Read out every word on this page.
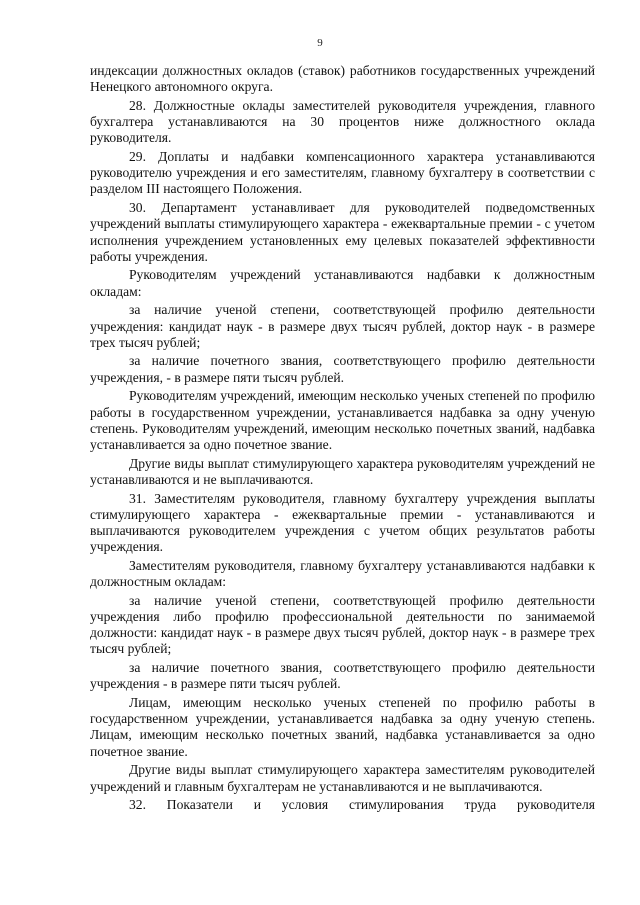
9

индексации должностных окладов (ставок) работников государственных учреждений Ненецкого автономного округа.

28. Должностные оклады заместителей руководителя учреждения, главного бухгалтера устанавливаются на 30 процентов ниже должностного оклада руководителя.

29. Доплаты и надбавки компенсационного характера устанавливаются руководителю учреждения и его заместителям, главному бухгалтеру в соответствии с разделом III настоящего Положения.

30. Департамент устанавливает для руководителей подведомственных учреждений выплаты стимулирующего характера - ежеквартальные премии - с учетом исполнения учреждением установленных ему целевых показателей эффективности работы учреждения.

Руководителям учреждений устанавливаются надбавки к должностным окладам:

за наличие ученой степени, соответствующей профилю деятельности учреждения: кандидат наук - в размере двух тысяч рублей, доктор наук - в размере трех тысяч рублей;

за наличие почетного звания, соответствующего профилю деятельности учреждения, - в размере пяти тысяч рублей.

Руководителям учреждений, имеющим несколько ученых степеней по профилю работы в государственном учреждении, устанавливается надбавка за одну ученую степень. Руководителям учреждений, имеющим несколько почетных званий, надбавка устанавливается за одно почетное звание.

Другие виды выплат стимулирующего характера руководителям учреждений не устанавливаются и не выплачиваются.

31. Заместителям руководителя, главному бухгалтеру учреждения выплаты стимулирующего характера - ежеквартальные премии - устанавливаются и выплачиваются руководителем учреждения с учетом общих результатов работы учреждения.

Заместителям руководителя, главному бухгалтеру устанавливаются надбавки к должностным окладам:

за наличие ученой степени, соответствующей профилю деятельности учреждения либо профилю профессиональной деятельности по занимаемой должности: кандидат наук - в размере двух тысяч рублей, доктор наук - в размере трех тысяч рублей;

за наличие почетного звания, соответствующего профилю деятельности учреждения - в размере пяти тысяч рублей.

Лицам, имеющим несколько ученых степеней по профилю работы в государственном учреждении, устанавливается надбавка за одну ученую степень. Лицам, имеющим несколько почетных званий, надбавка устанавливается за одно почетное звание.

Другие виды выплат стимулирующего характера заместителям руководителей учреждений и главным бухгалтерам не устанавливаются и не выплачиваются.

32. Показатели и условия стимулирования труда руководителя
